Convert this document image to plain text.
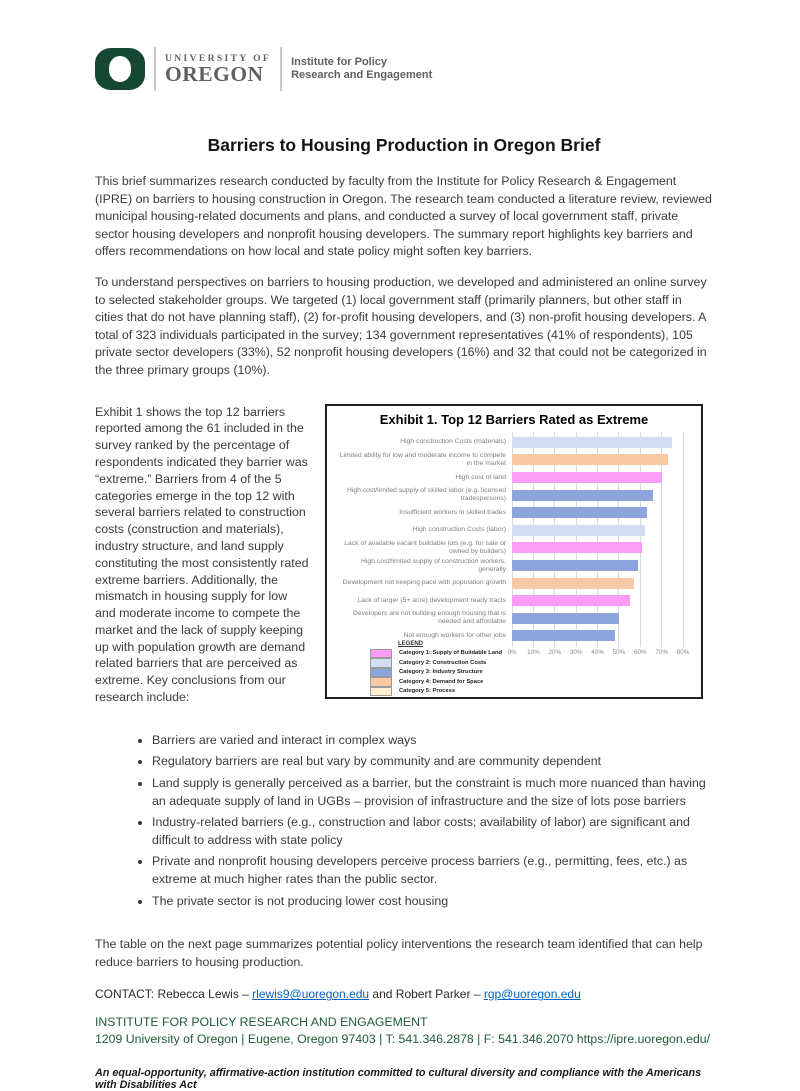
UNIVERSITY OF
OREGON
Institute for Policy
Research and Engagement
Barriers to Housing Production in Oregon Brief

This brief summarizes research conducted by faculty from the Institute for Policy Research & Engagement (IPRE) on barriers to housing construction in Oregon. The research team conducted a literature review, reviewed municipal housing-related documents and plans, and conducted a survey of local government staff, private sector housing developers and nonprofit housing developers. The summary report highlights key barriers and offers recommendations on how local and state policy might soften key barriers.

To understand perspectives on barriers to housing production, we developed and administered an online survey to selected stakeholder groups. We targeted (1) local government staff (primarily planners, but other staff in cities that do not have planning staff), (2) for-profit housing developers, and (3) non-profit housing developers. A total of 323 individuals participated in the survey; 134 government representatives (41% of respondents), 105 private sector developers (33%), 52 nonprofit housing developers (16%) and 32 that could not be categorized in the three primary groups (10%).

Exhibit 1 shows the top 12 barriers reported among the 61 included in the survey ranked by the percentage of respondents indicated they barrier was “extreme.” Barriers from 4 of the 5 categories emerge in the top 12 with several barriers related to construction costs (construction and materials), industry structure, and land supply constituting the most consistently rated extreme barriers. Additionally, the mismatch in housing supply for low and moderate income to compete the market and the lack of supply keeping up with population growth are demand related barriers that are perceived as extreme. Key conclusions from our research include:
Exhibit 1. Top 12 Barriers Rated as Extreme
0%	10%	20%	30%	40%	50%	60%	70%	80%
High construction Costs (materials)
Limited ability for low and moderate income to compete in the market
High cost of land
High cost/limited supply of skilled labor (e.g. licensed tradespersons)
Insufficient workers in skilled trades
High construction Costs (labor)
Lack of available vacant buildable lots (e.g. for sale or owned by builders)
High cost/limited supply of construction workers, generally
Development not keeping pace with population growth
Lack of larger (5+ acre) development ready tracts
Developers are not building enough housing that is needed and affordable
Not enough workers for other jobs
LEGEND
Category 1: Supply of Buildable Land
Category 2: Construction Costs
Category 3: Industry Structure
Category 4: Demand for Space
Category 5: Process
• Barriers are varied and interact in complex ways
• Regulatory barriers are real but vary by community and are community dependent
• Land supply is generally perceived as a barrier, but the constraint is much more nuanced than having an adequate supply of land in UGBs – provision of infrastructure and the size of lots pose barriers
• Industry-related barriers (e.g., construction and labor costs; availability of labor) are significant and difficult to address with state policy
• Private and nonprofit housing developers perceive process barriers (e.g., permitting, fees, etc.) as extreme at much higher rates than the public sector.
• The private sector is not producing lower cost housing

The table on the next page summarizes potential policy interventions the research team identified that can help reduce barriers to housing production.

CONTACT: Rebecca Lewis – rlewis9@uoregon.edu and Robert Parker – rgp@uoregon.edu
INSTITUTE FOR POLICY RESEARCH AND ENGAGEMENT
1209 University of Oregon | Eugene, Oregon 97403 | T: 541.346.2878 | F: 541.346.2070 https://ipre.uoregon.edu/
An equal-opportunity, affirmative-action institution committed to cultural diversity and compliance with the Americans with Disabilities Act
